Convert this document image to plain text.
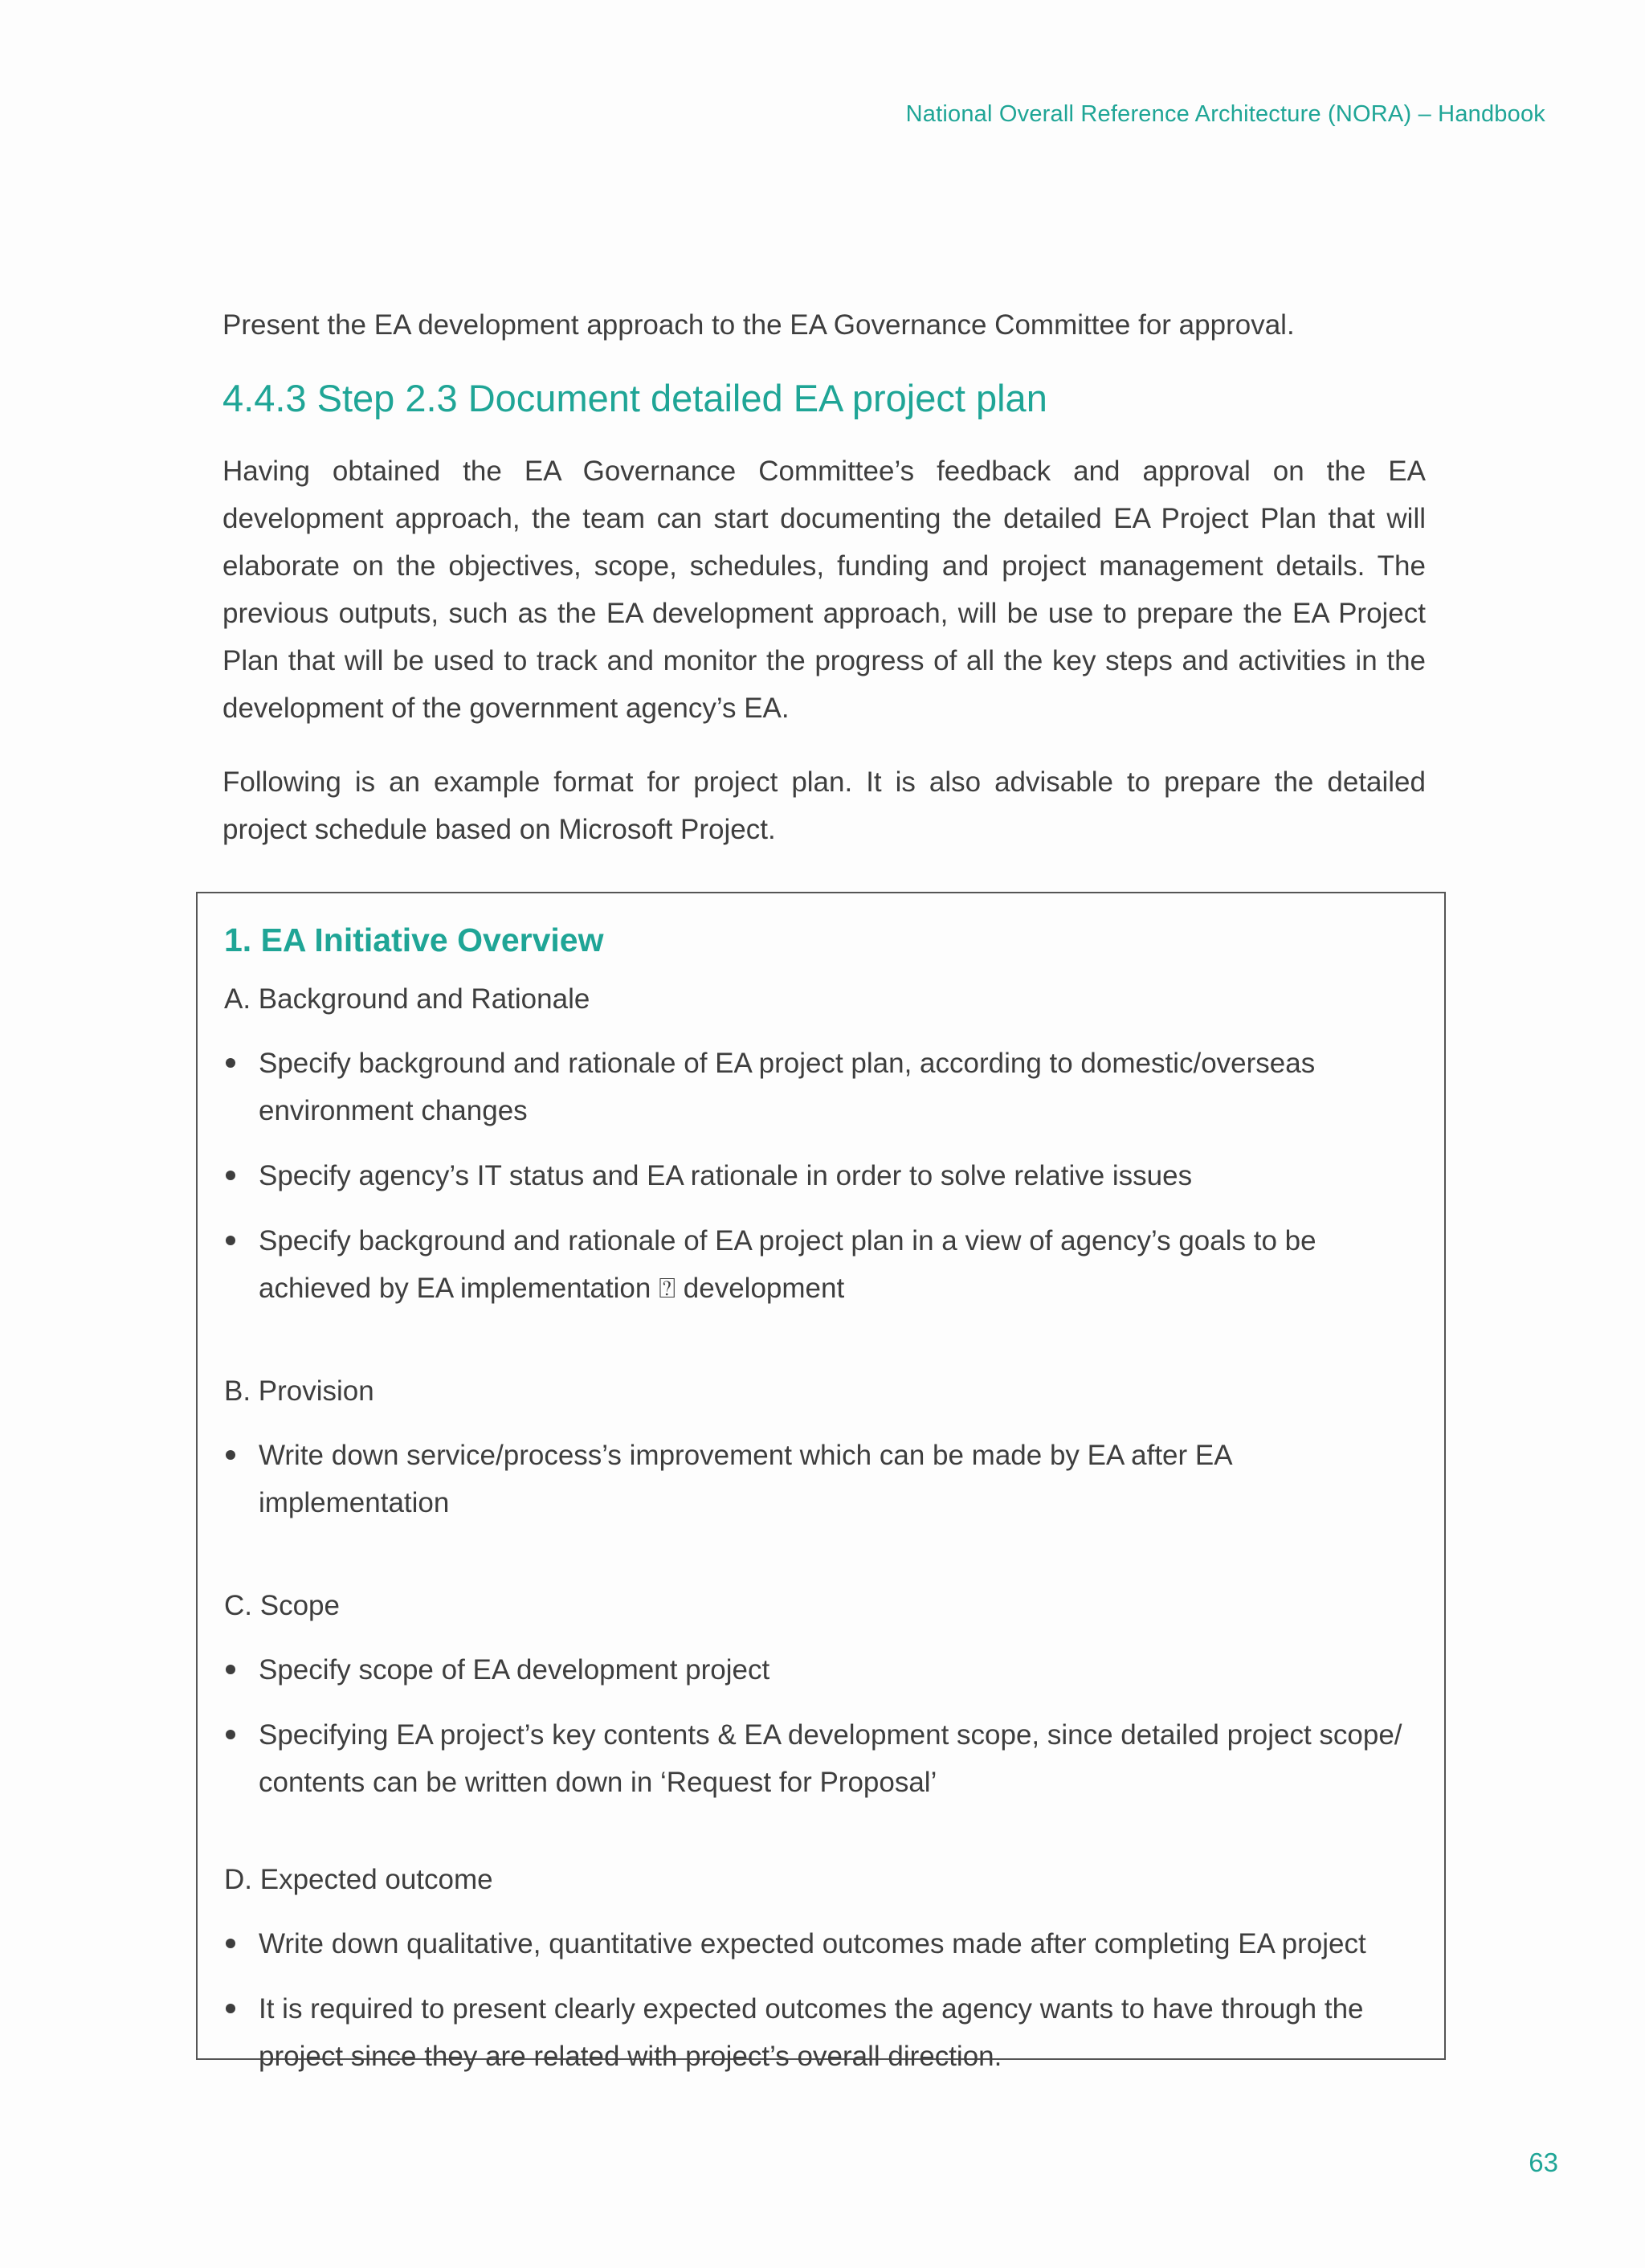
National Overall Reference Architecture (NORA) – Handbook

Present the EA development approach to the EA Governance Committee for approval.

4.4.3 Step 2.3 Document detailed EA project plan

Having obtained the EA Governance Committee’s feedback and approval on the EA development approach, the team can start documenting the detailed EA Project Plan that will elaborate on the objectives, scope, schedules, funding and project management details. The previous outputs, such as the EA development approach, will be use to prepare the EA Project Plan that will be used to track and monitor the progress of all the key steps and activities in the development of the government agency’s EA.

Following is an example format for project plan. It is also advisable to prepare the detailed project schedule based on Microsoft Project.

1. EA Initiative Overview

A. Background and Rationale

Specify background and rationale of EA project plan, according to domestic/overseas environment changes
Specify agency’s IT status and EA rationale in order to solve relative issues
Specify background and rationale of EA project plan in a view of agency’s goals to be achieved by EA implementation ⍰ development

B. Provision

Write down service/process’s improvement which can be made by EA after EA implementation

C. Scope

Specify scope of EA development project
Specifying EA project’s key contents & EA development scope, since detailed project scope/ contents can be written down in ‘Request for Proposal’

D. Expected outcome

Write down qualitative, quantitative expected outcomes made after completing EA project
It is required to present clearly expected outcomes the agency wants to have through the project since they are related with project’s overall direction.
63
